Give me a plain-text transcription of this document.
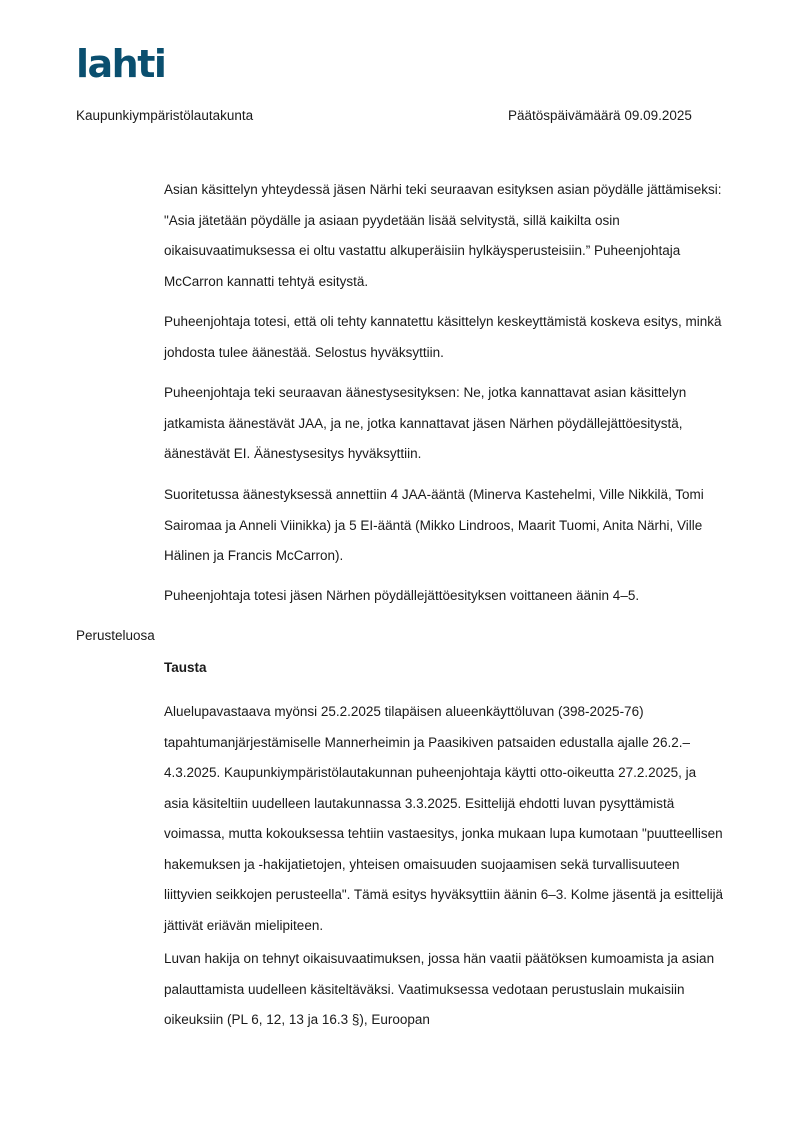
lahti
Kaupunkiympäristölautakunta	Päätöspäivämäärä 09.09.2025

Asian käsittelyn yhteydessä jäsen Närhi teki seuraavan esityksen asian pöydälle jättämiseksi: "Asia jätetään pöydälle ja asiaan pyydetään lisää selvitystä, sillä kaikilta osin oikaisuvaatimuksessa ei oltu vastattu alkuperäisiin hylkäysperusteisiin.” Puheenjohtaja McCarron kannatti tehtyä esitystä.

Puheenjohtaja totesi, että oli tehty kannatettu käsittelyn keskeyttämistä koskeva esitys, minkä johdosta tulee äänestää. Selostus hyväksyttiin.

Puheenjohtaja teki seuraavan äänestysesityksen: Ne, jotka kannattavat asian käsittelyn jatkamista äänestävät JAA, ja ne, jotka kannattavat jäsen Närhen pöydällejättöesitystä, äänestävät EI. Äänestysesitys hyväksyttiin.

Suoritetussa äänestyksessä annettiin 4 JAA-ääntä (Minerva Kastehelmi, Ville Nikkilä, Tomi Sairomaa ja Anneli Viinikka) ja 5 EI-ääntä (Mikko Lindroos, Maarit Tuomi, Anita Närhi, Ville Hälinen ja Francis McCarron).

Puheenjohtaja totesi jäsen Närhen pöydällejättöesityksen voittaneen äänin 4–5.

Perusteluosa
Tausta

Aluelupavastaava myönsi 25.2.2025 tilapäisen alueenkäyttöluvan (398-2025-76) tapahtumanjärjestämiselle Mannerheimin ja Paasikiven patsaiden edustalla ajalle 26.2.–4.3.2025. Kaupunkiympäristölautakunnan puheenjohtaja käytti otto-oikeutta 27.2.2025, ja asia käsiteltiin uudelleen lautakunnassa 3.3.2025. Esittelijä ehdotti luvan pysyttämistä voimassa, mutta kokouksessa tehtiin vastaesitys, jonka mukaan lupa kumotaan "puutteellisen hakemuksen ja -hakijatietojen, yhteisen omaisuuden suojaamisen sekä turvallisuuteen liittyvien seikkojen perusteella". Tämä esitys hyväksyttiin äänin 6–3. Kolme jäsentä ja esittelijä jättivät eriävän mielipiteen.

Luvan hakija on tehnyt oikaisuvaatimuksen, jossa hän vaatii päätöksen kumoamista ja asian palauttamista uudelleen käsiteltäväksi. Vaatimuksessa vedotaan perustuslain mukaisiin oikeuksiin (PL 6, 12, 13 ja 16.3 §), Euroopan
